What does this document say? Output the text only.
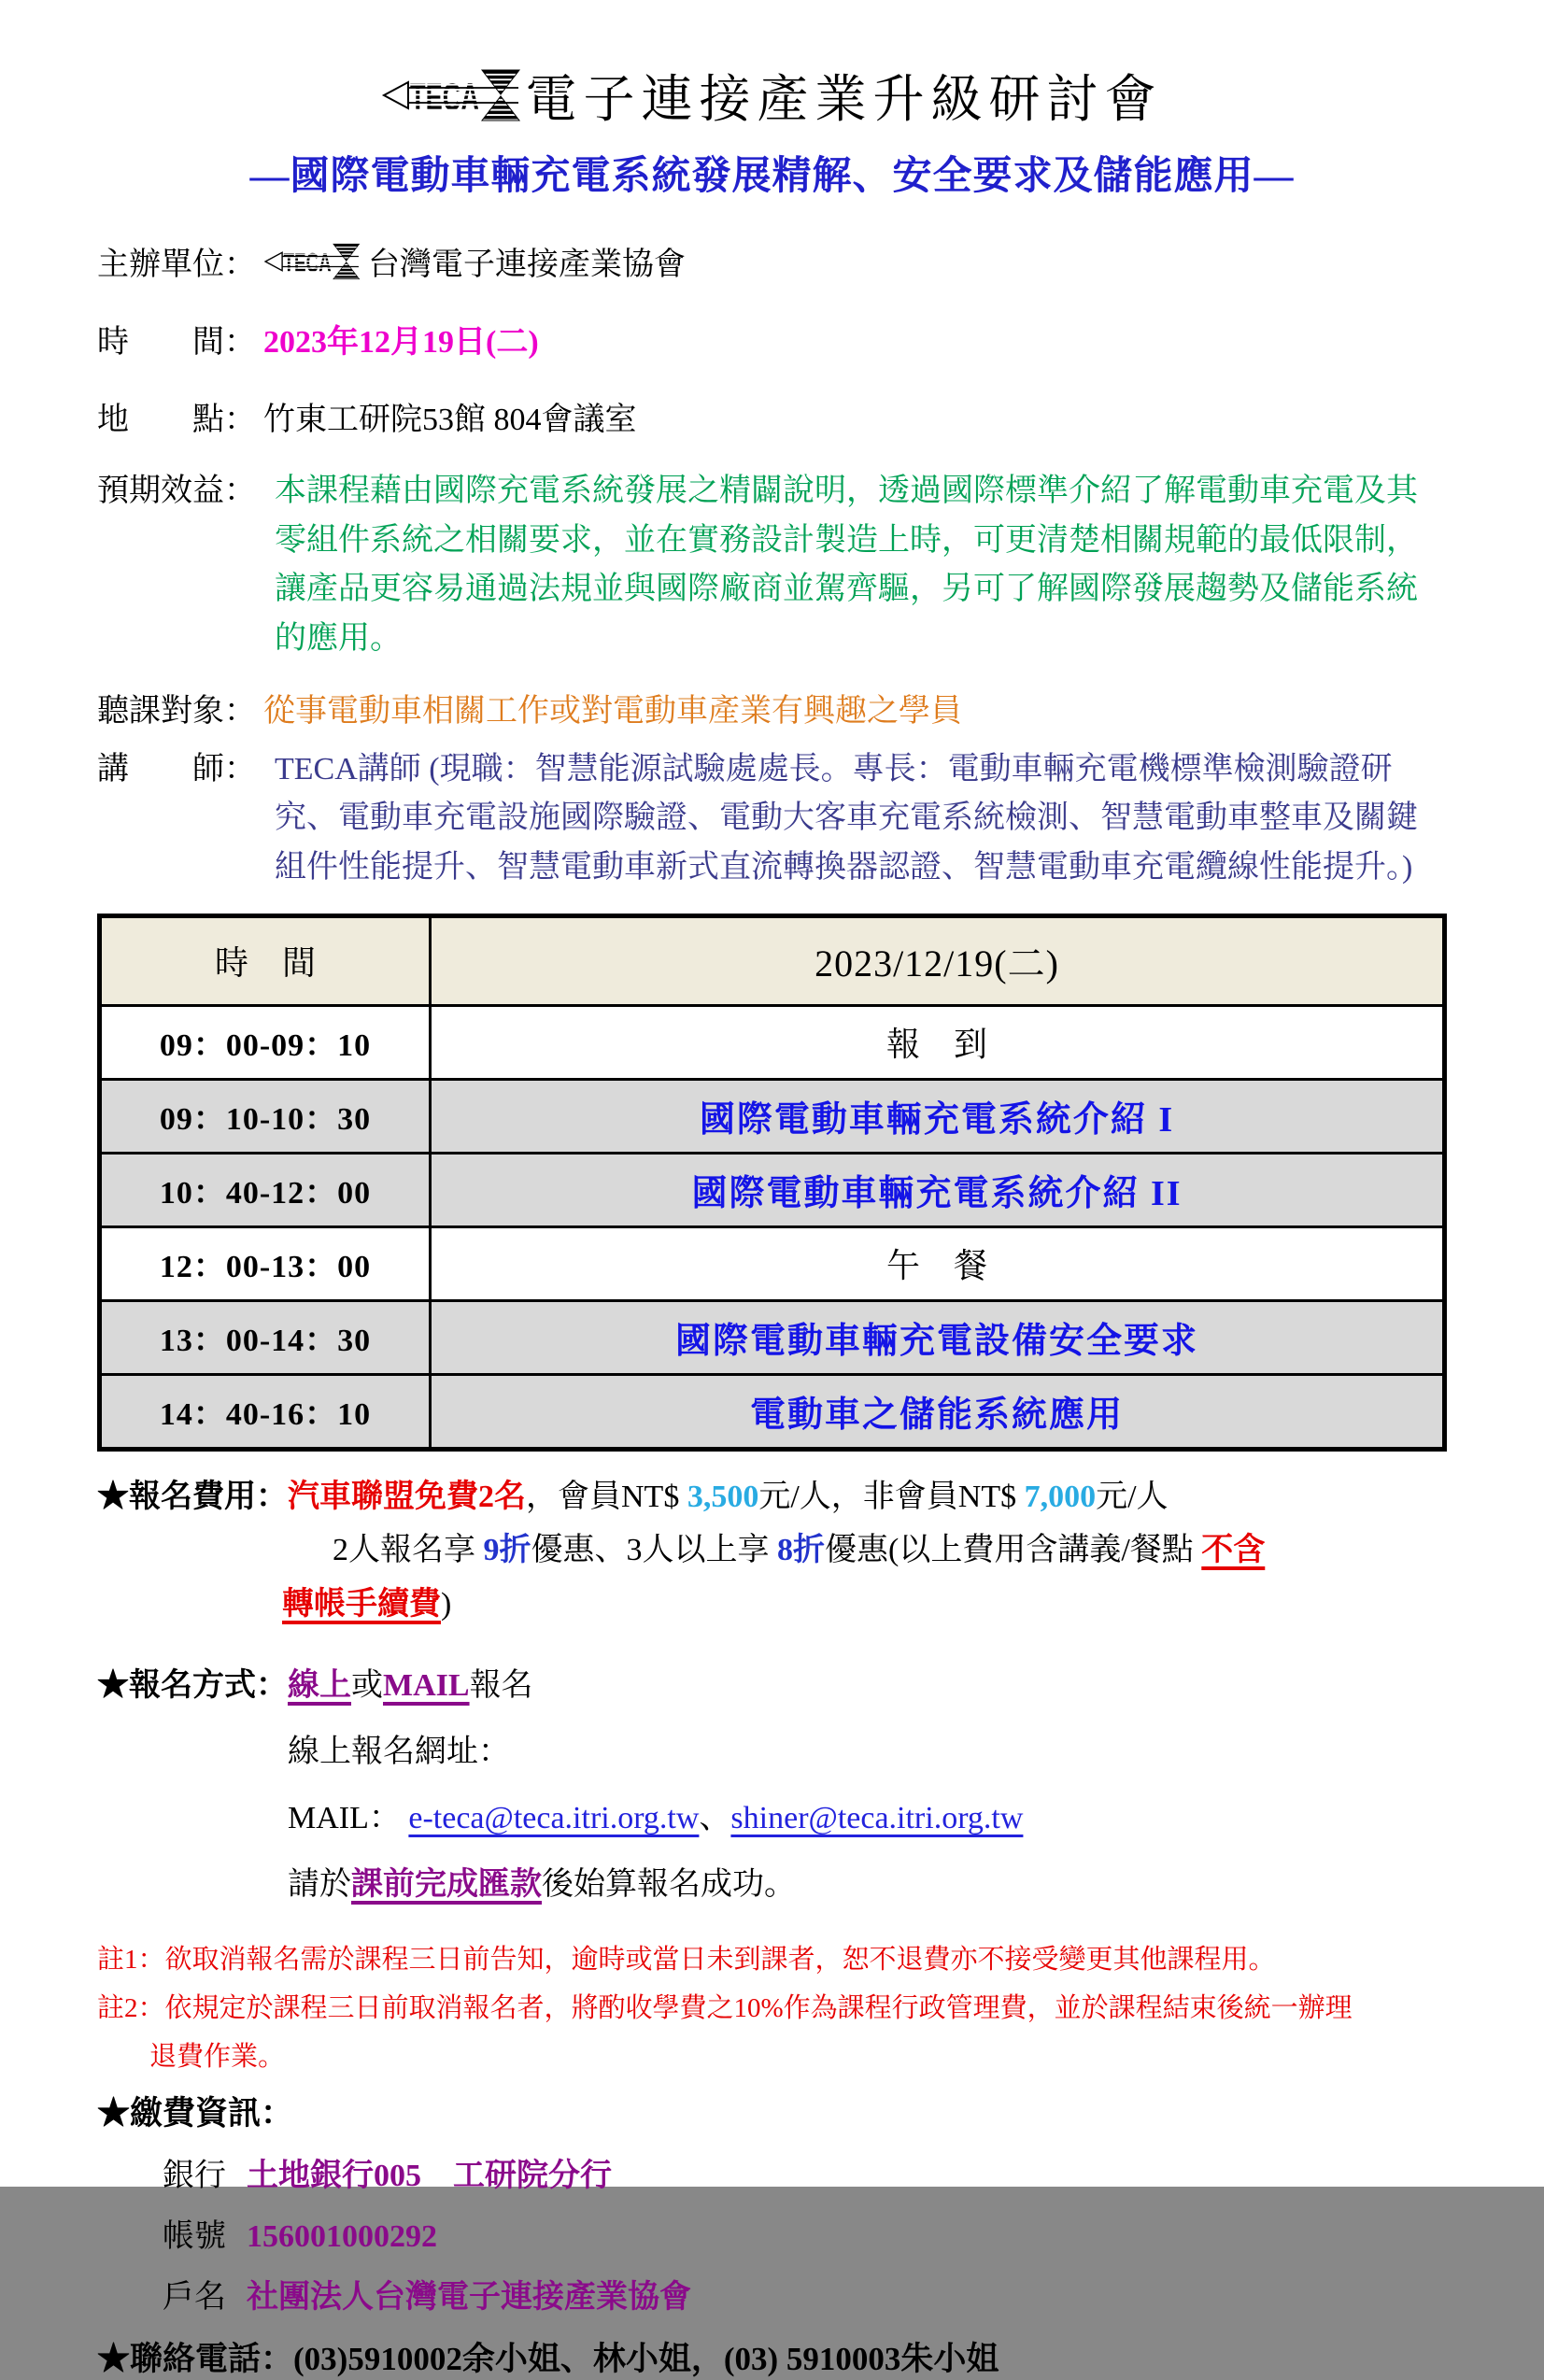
TECA 電子連接產業升級研討會
—國際電動車輛充電系統發展精解、安全要求及儲能應用—
主辦單位： TECA 台灣電子連接產業協會
時　　間： 2023年12月19日(二)
地　　點： 竹東工研院53館 804會議室
預期效益： 本課程藉由國際充電系統發展之精闢說明，透過國際標準介紹了解電動車充電及其零組件系統之相關要求，並在實務設計製造上時，可更清楚相關規範的最低限制，讓產品更容易通過法規並與國際廠商並駕齊驅，另可了解國際發展趨勢及儲能系統的應用。
聽課對象： 從事電動車相關工作或對電動車產業有興趣之學員
講　　師： TECA講師 (現職：智慧能源試驗處處長。專長：電動車輛充電機標準檢測驗證研究、電動車充電設施國際驗證、電動大客車充電系統檢測、智慧電動車整車及關鍵組件性能提升、智慧電動車新式直流轉換器認證、智慧電動車充電纜線性能提升。)
時　間	2023/12/19(二)
09：00-09：10	報　到
09：10-10：30	國際電動車輛充電系統介紹 I
10：40-12：00	國際電動車輛充電系統介紹 II
12：00-13：00	午　餐
13：00-14：30	國際電動車輛充電設備安全要求
14：40-16：10	電動車之儲能系統應用
★報名費用：汽車聯盟免費2名，會員NT$ 3,500元/人，非會員NT$ 7,000元/人
2人報名享 9折優惠、3人以上享 8折優惠(以上費用含講義/餐點 不含
轉帳手續費)
★報名方式：線上或MAIL報名
線上報名網址：
MAIL： e-teca@teca.itri.org.tw、shiner@teca.itri.org.tw
請於課前完成匯款後始算報名成功。
註1：欲取消報名需於課程三日前告知，逾時或當日未到課者，恕不退費亦不接受變更其他課程用。
註2：依規定於課程三日前取消報名者，將酌收學費之10%作為課程行政管理費，並於課程結束後統一辦理
退費作業。
★繳費資訊：
銀行 土地銀行005　工研院分行
帳號 156001000292
戶名 社團法人台灣電子連接產業協會
★聯絡電話：(03)5910002余小姐、林小姐，(03) 5910003朱小姐
